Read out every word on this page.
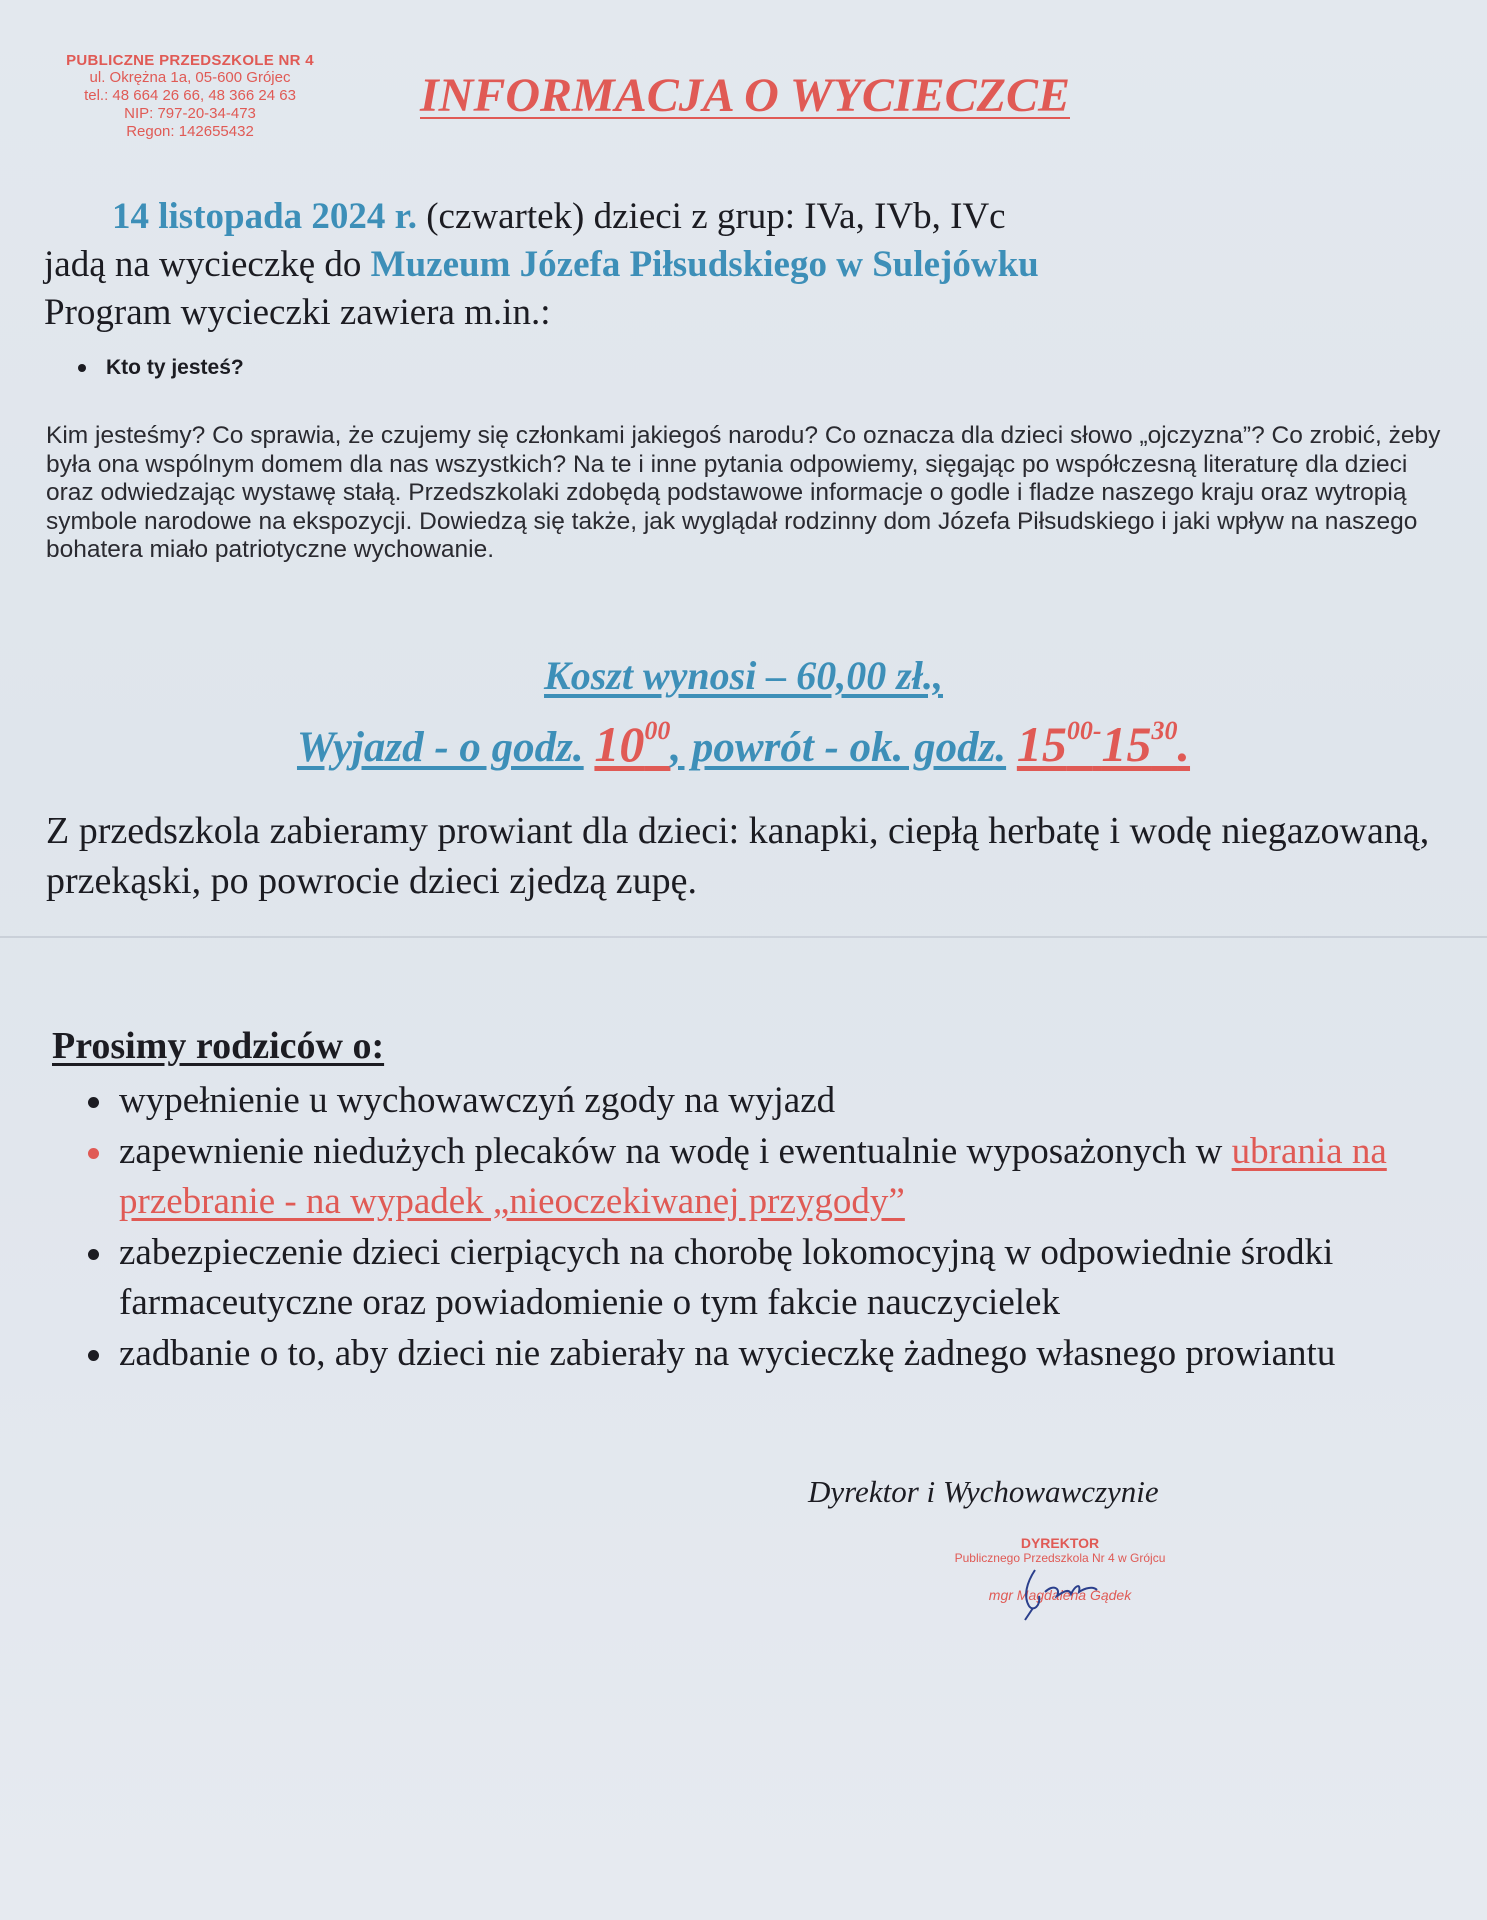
PUBLICZNE PRZEDSZKOLE NR 4
ul. Okrężna 1a, 05-600 Grójec
tel.: 48 664 26 66, 48 366 24 63
NIP: 797-20-34-473
Regon: 142655432
INFORMACJA O WYCIECZCE
14 listopada 2024 r. (czwartek) dzieci z grup: IVa, IVb, IVc
jadą na wycieczkę do Muzeum Józefa Piłsudskiego w Sulejówku
Program wycieczki zawiera m.in.:
Kto ty jesteś?
Kim jesteśmy? Co sprawia, że czujemy się członkami jakiegoś narodu? Co oznacza dla dzieci słowo „ojczyzna”? Co zrobić, żeby była ona wspólnym domem dla nas wszystkich? Na te i inne pytania odpowiemy, sięgając po współczesną literaturę dla dzieci oraz odwiedzając wystawę stałą. Przedszkolaki zdobędą podstawowe informacje o godle i fladze naszego kraju oraz wytropią symbole narodowe na ekspozycji. Dowiedzą się także, jak wyglądał rodzinny dom Józefa Piłsudskiego i jaki wpływ na naszego bohatera miało patriotyczne wychowanie.
Koszt wynosi – 60,00 zł.,
Wyjazd - o godz. $10^{00}$, powrót - ok. godz. $15^{00-}15^{30}$.
Z przedszkola zabieramy prowiant dla dzieci: kanapki, ciepłą herbatę i wodę niegazowaną, przekąski, po powrocie dzieci zjedzą zupę.
Prosimy rodziców o:
wypełnienie u wychowawczyń zgody na wyjazd
zapewnienie niedużych plecaków na wodę i ewentualnie wyposażonych w ubrania na przebranie - na wypadek „nieoczekiwanej przygody”
zabezpieczenie dzieci cierpiących na chorobę lokomocyjną w odpowiednie środki farmaceutyczne oraz powiadomienie o tym fakcie nauczycielek
zadbanie o to, aby dzieci nie zabierały na wycieczkę żadnego własnego prowiantu
Dyrektor i Wychowawczynie
DYREKTOR
Publicznego Przedszkola Nr 4 w Grójcu
mgr Magdalena Gądek
